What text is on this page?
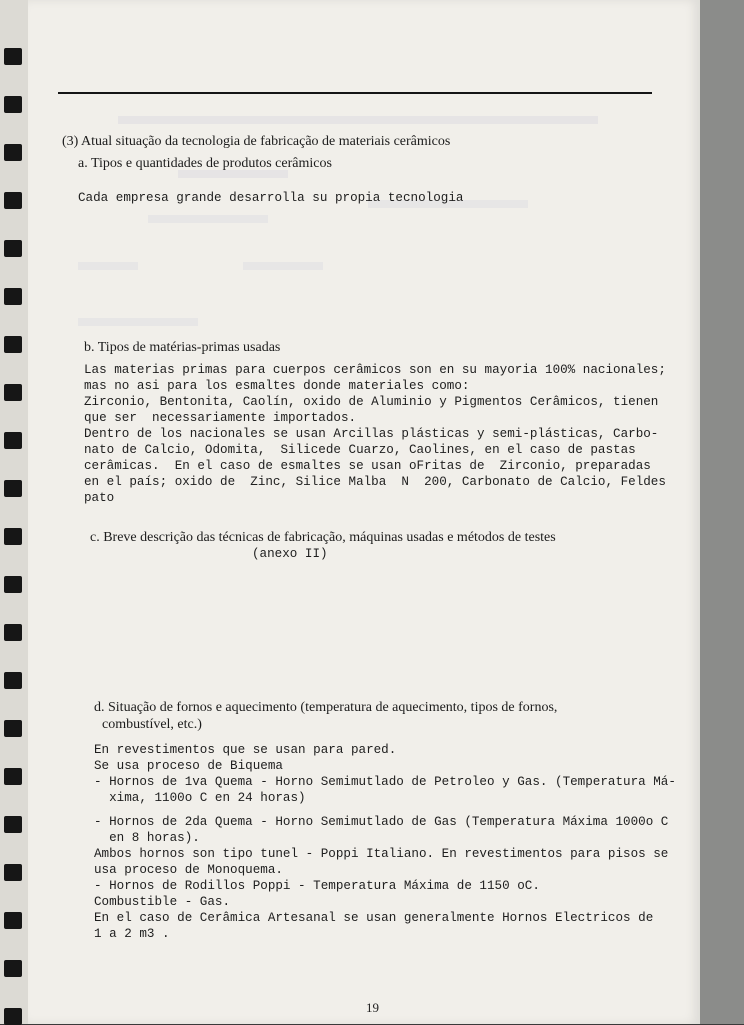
(3) Atual situação da tecnologia de fabricação de materiais cerâmicos
a. Tipos e quantidades de produtos cerâmicos
Cada empresa grande desarrolla su propia tecnologia
b. Tipos de matérias-primas usadas
Las materias primas para cuerpos cerâmicos son en su mayoria 100% nacionales;
mas no asi para los esmaltes donde materiales como:
Zirconio, Bentonita, Caolín, oxido de Aluminio y Pigmentos Cerâmicos, tienen
que ser  necessariamente importados.
Dentro de los nacionales se usan Arcillas plásticas y semi-plásticas, Carbo-
nato de Calcio, Odomita,  Silicede Cuarzo, Caolines, en el caso de pastas
cerâmicas.  En el caso de esmaltes se usan oFritas de  Zirconio, preparadas
en el país; oxido de  Zinc, Silice Malba  N  200, Carbonato de Calcio, Feldes
pato
c. Breve descrição das técnicas de fabricação, máquinas usadas e métodos de testes
(anexo II)
d. Situação de fornos e aquecimento (temperatura de aquecimento, tipos de fornos,
combustível, etc.)
En revestimentos que se usan para pared.
Se usa proceso de Biquema
- Hornos de 1va Quema - Horno Semimutlado de Petroleo y Gas. (Temperatura Má-
xima, 1100o C en 24 horas)
- Hornos de 2da Quema - Horno Semimutlado de Gas (Temperatura Máxima 1000o C
en 8 horas).
Ambos hornos son tipo tunel - Poppi Italiano. En revestimentos para pisos se
usa proceso de Monoquema.
- Hornos de Rodillos Poppi - Temperatura Máxima de 1150 oC.
Combustible - Gas.
En el caso de Cerâmica Artesanal se usan generalmente Hornos Electricos de
1 a 2 m3 .
19
